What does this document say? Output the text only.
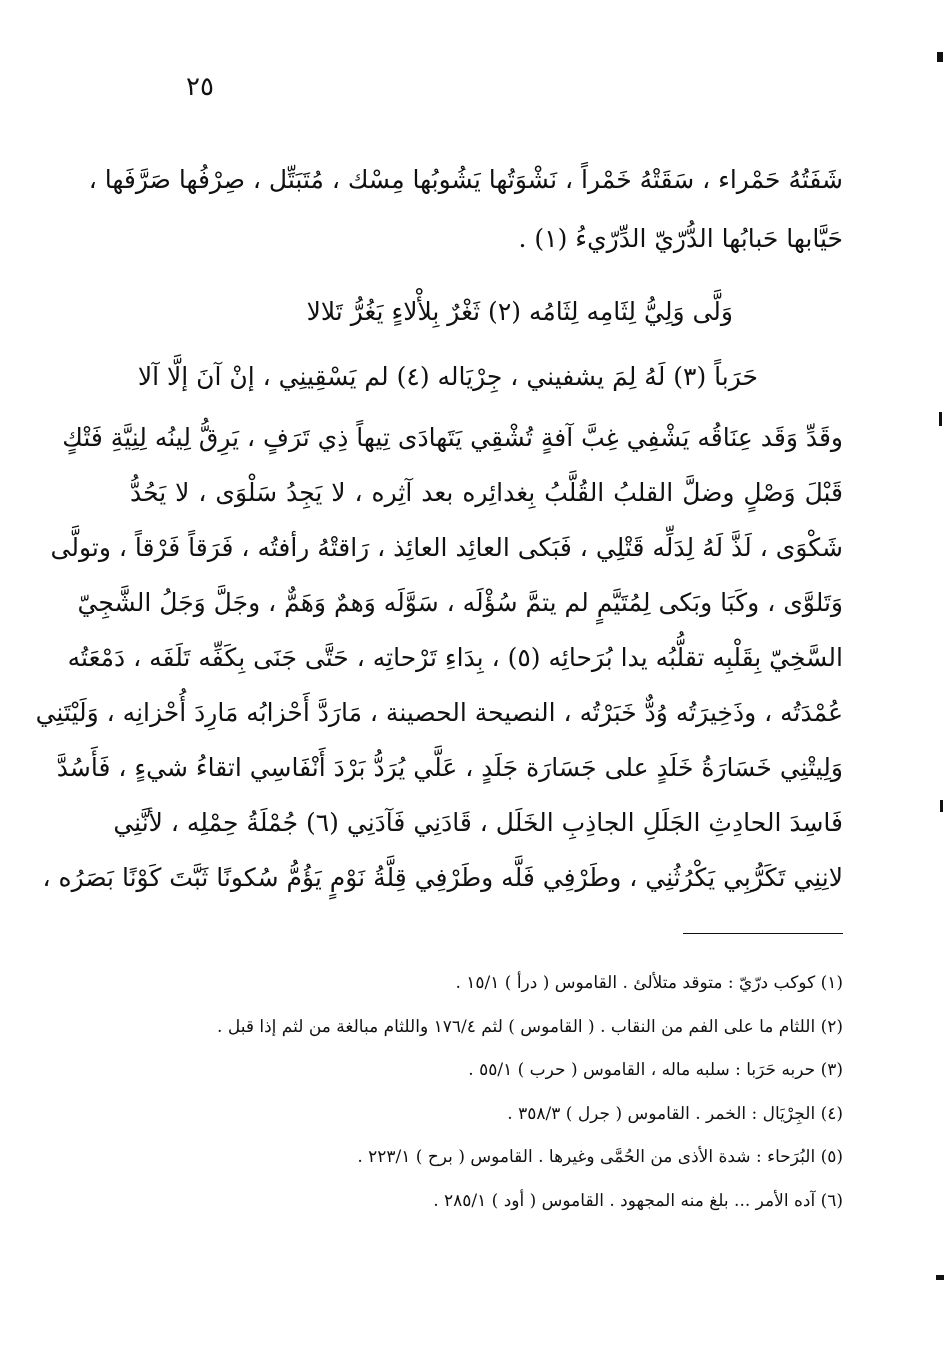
٢٥
شَفَتُهُ حَمْراء ، سَقَتْهُ خَمْراً ، نَشْوَتُها يَشُوبُها مِسْك ، مُتَبَتِّل ، صِرْفُها صَرَّفَها ،
حَيَّابها حَبابُها الدُّرّيّ الدِّرّيءُ (١) .
وَلَّى وَلِيُّ لِثَامِه لِثَامُه (٢) ثَغْرٌ بِلأْلاءٍ يَغُرُّ تَلالا
حَرَباً (٣) لَهُ لِمَ يشفيني ، جِرْيَاله (٤) لم يَسْقِينِي ، إنْ آنَ إلَّا آلا
وقَدِّ وَقَد عِنَاقُه يَشْفِي غِبَّ آفةٍ تُشْقِي يَتَهادَى تِيهاً ذِي تَرَفٍ ، يَرِقُّ لِينُه لِنِيَّةِ فَتْكٍ
قَبْلَ وَصْلٍ وضلَّ القلبُ القُلَّبُ بِغدائِره بعد آثِره ، لا يَجِدُ سَلْوَى ، لا يَحُدُّ
شَكْوَى ، لَذَّ لَهُ لِدَلِّه قَتْلِي ، فَبَكى العائِد العائِذ ، رَاقتْهُ رأفتُه ، فَرَقاً فَرْقاً ، وتولَّى
وَتَلوَّى ، وكَبَا وبَكى لِمُتَيَّمٍ لم يتمَّ سُؤْلَه ، سَوَّلَه وَهمٌ وَهَمٌّ ، وجَلَّ وَجَلُ الشَّجِيّ
السَّخِيّ بِقَلْبِه تقلُّبُه يدا بُرَحائِه (٥) ، بِدَاءِ تَرْحاتِه ، حَتَّى جَنَى بِكَفِّه تَلَفَه ، دَمْعَتُه
عُمْدَتُه ، وذَخِيرَتُه وُدٌّ خَبَرْتُه ، النصيحة الحصينة ، مَارَدَّ أَحْزابُه مَارِدَ أُحْزانِه ، وَلَيْتَنِي
وَلِيتْنِي خَسَارَةُ خَلَدٍ على جَسَارَة جَلَدٍ ، عَلَّي يُرَدُّ بَرْدَ أَنْفَاسِي اتقاءُ شيءٍ ، فَأَسُدَّ
فَاسِدَ الحادِثِ الجَلَلِ الجاذِبِ الخَلَل ، قَادَنِي فَآدَنِي (٦) جُمْلَةُ حِمْلِه ، لأنَّنِي
لانِنِي تَكَرُّبِي يَكْرُثُنِي ، وطَرْفِي فَلَّه وطَرْفِي قِلَّةُ نَوْمٍ يَؤُمُّ سُكونًا ثَبَّتَ كَوْنًا بَصَرُه ،
(١) كوكب درّيّ : متوقد متلألئ . القاموس ( درأ ) ١٥/١ .
(٢) اللثام ما على الفم من النقاب . ( القاموس ) لثم ١٧٦/٤ واللثام مبالغة من لثم إذا قبل .
(٣) حربه حَرَبا : سلبه ماله ، القاموس ( حرب ) ٥٥/١ .
(٤) الجِرْيَال : الخمر . القاموس ( جرل ) ٣٥٨/٣ .
(٥) البُرَحاء : شدة الأذى من الحُمَّى وغيرها . القاموس ( برح ) ٢٢٣/١ .
(٦) آده الأمر ... بلغ منه المجهود . القاموس ( أود ) ٢٨٥/١ .
